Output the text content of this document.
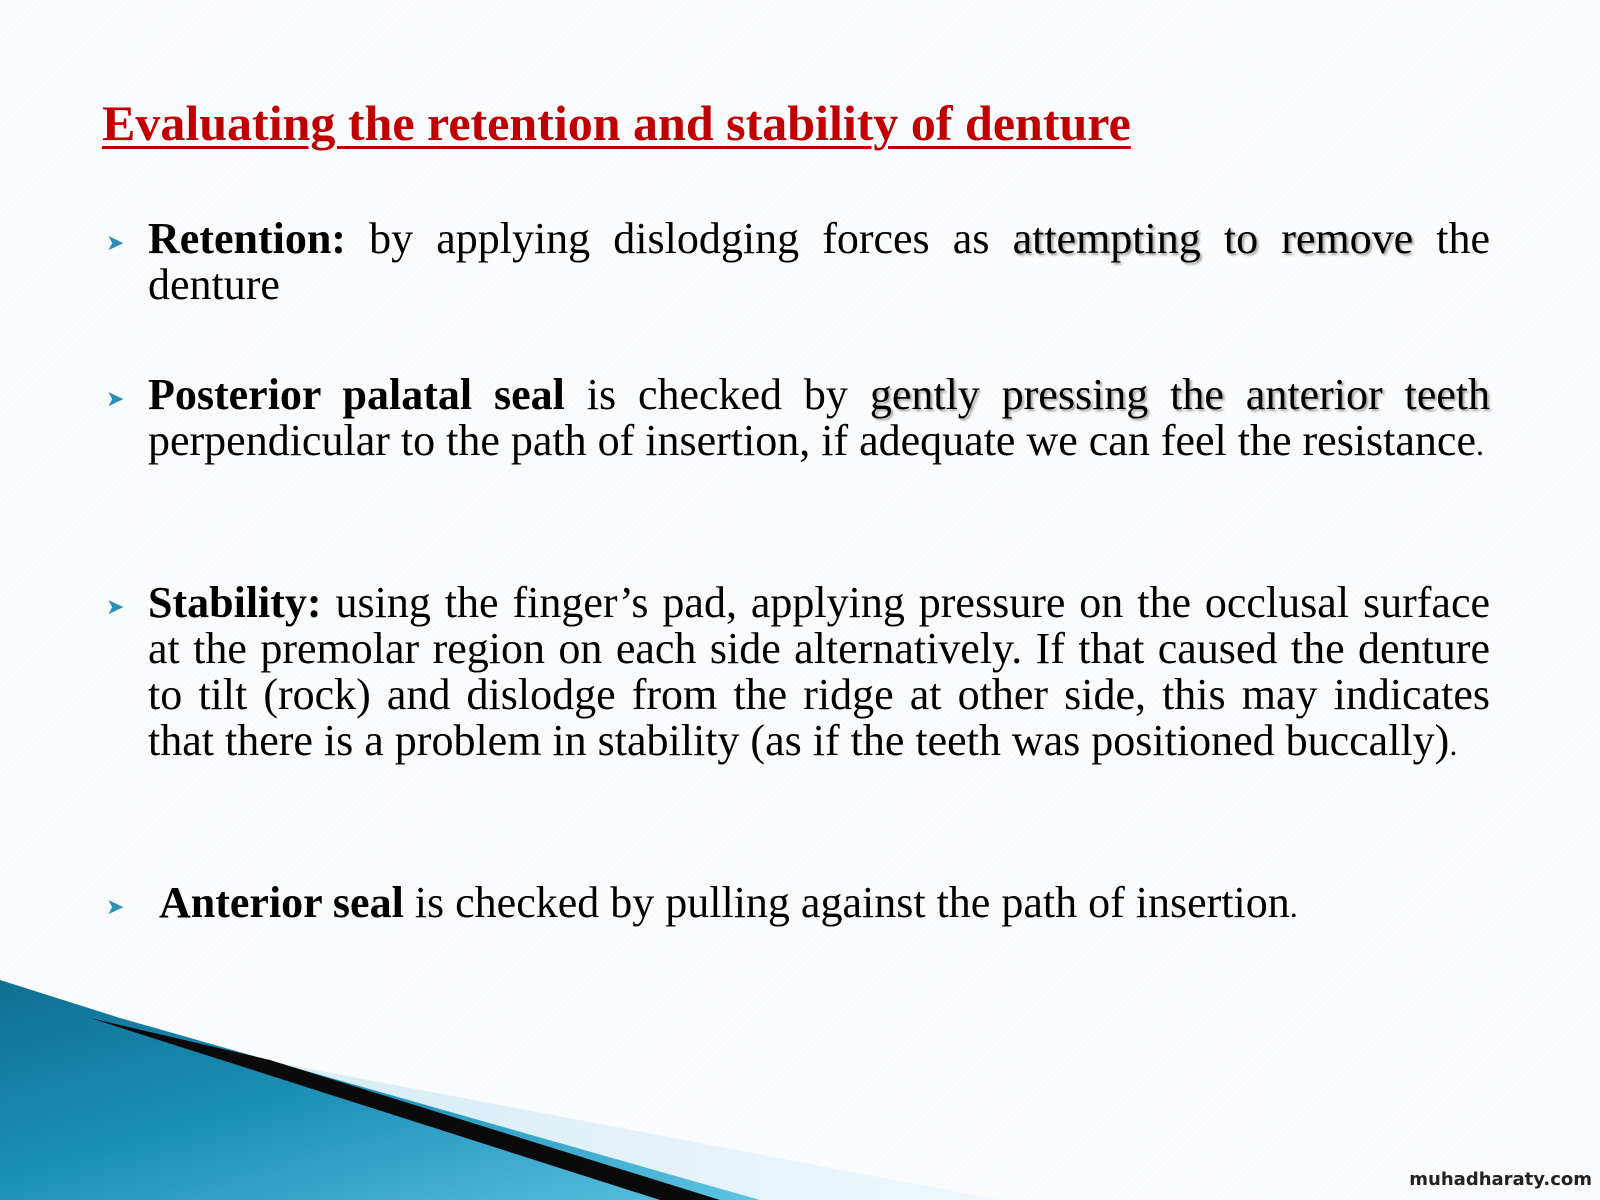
Evaluating the retention and stability of denture
➤ Retention: by applying dislodging forces as attempting to remove the denture
➤ Posterior palatal seal is checked by gently pressing the anterior teeth perpendicular to the path of insertion, if adequate we can feel the resistance.
➤ Stability: using the finger’s pad, applying pressure on the occlusal surface at the premolar region on each side alternatively. If that caused the denture to tilt (rock) and dislodge from the ridge at other side, this may indicates that there is a problem in stability (as if the teeth was positioned buccally).
➤ Anterior seal is checked by pulling against the path of insertion.
muhadharaty.com
